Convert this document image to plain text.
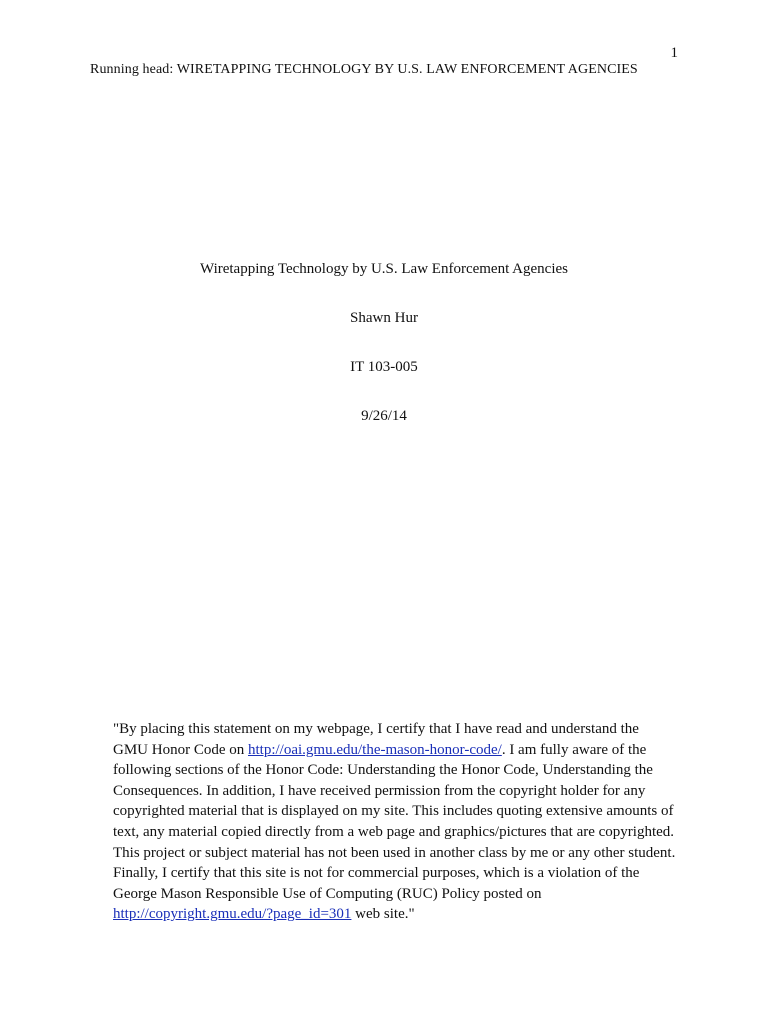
1
Running head: WIRETAPPING TECHNOLOGY BY U.S. LAW ENFORCEMENT AGENCIES
Wiretapping Technology by U.S. Law Enforcement Agencies
Shawn Hur
IT 103-005
9/26/14
"By placing this statement on my webpage, I certify that I have read and understand the
GMU Honor Code on http://oai.gmu.edu/the-mason-honor-code/. I am fully aware of the
following sections of the Honor Code: Understanding the Honor Code, Understanding the
Consequences. In addition, I have received permission from the copyright holder for any
copyrighted material that is displayed on my site. This includes quoting extensive amounts of
text, any material copied directly from a web page and graphics/pictures that are copyrighted.
This project or subject material has not been used in another class by me or any other student.
Finally, I certify that this site is not for commercial purposes, which is a violation of the
George Mason Responsible Use of Computing (RUC) Policy posted on
http://copyright.gmu.edu/?page_id=301 web site."
